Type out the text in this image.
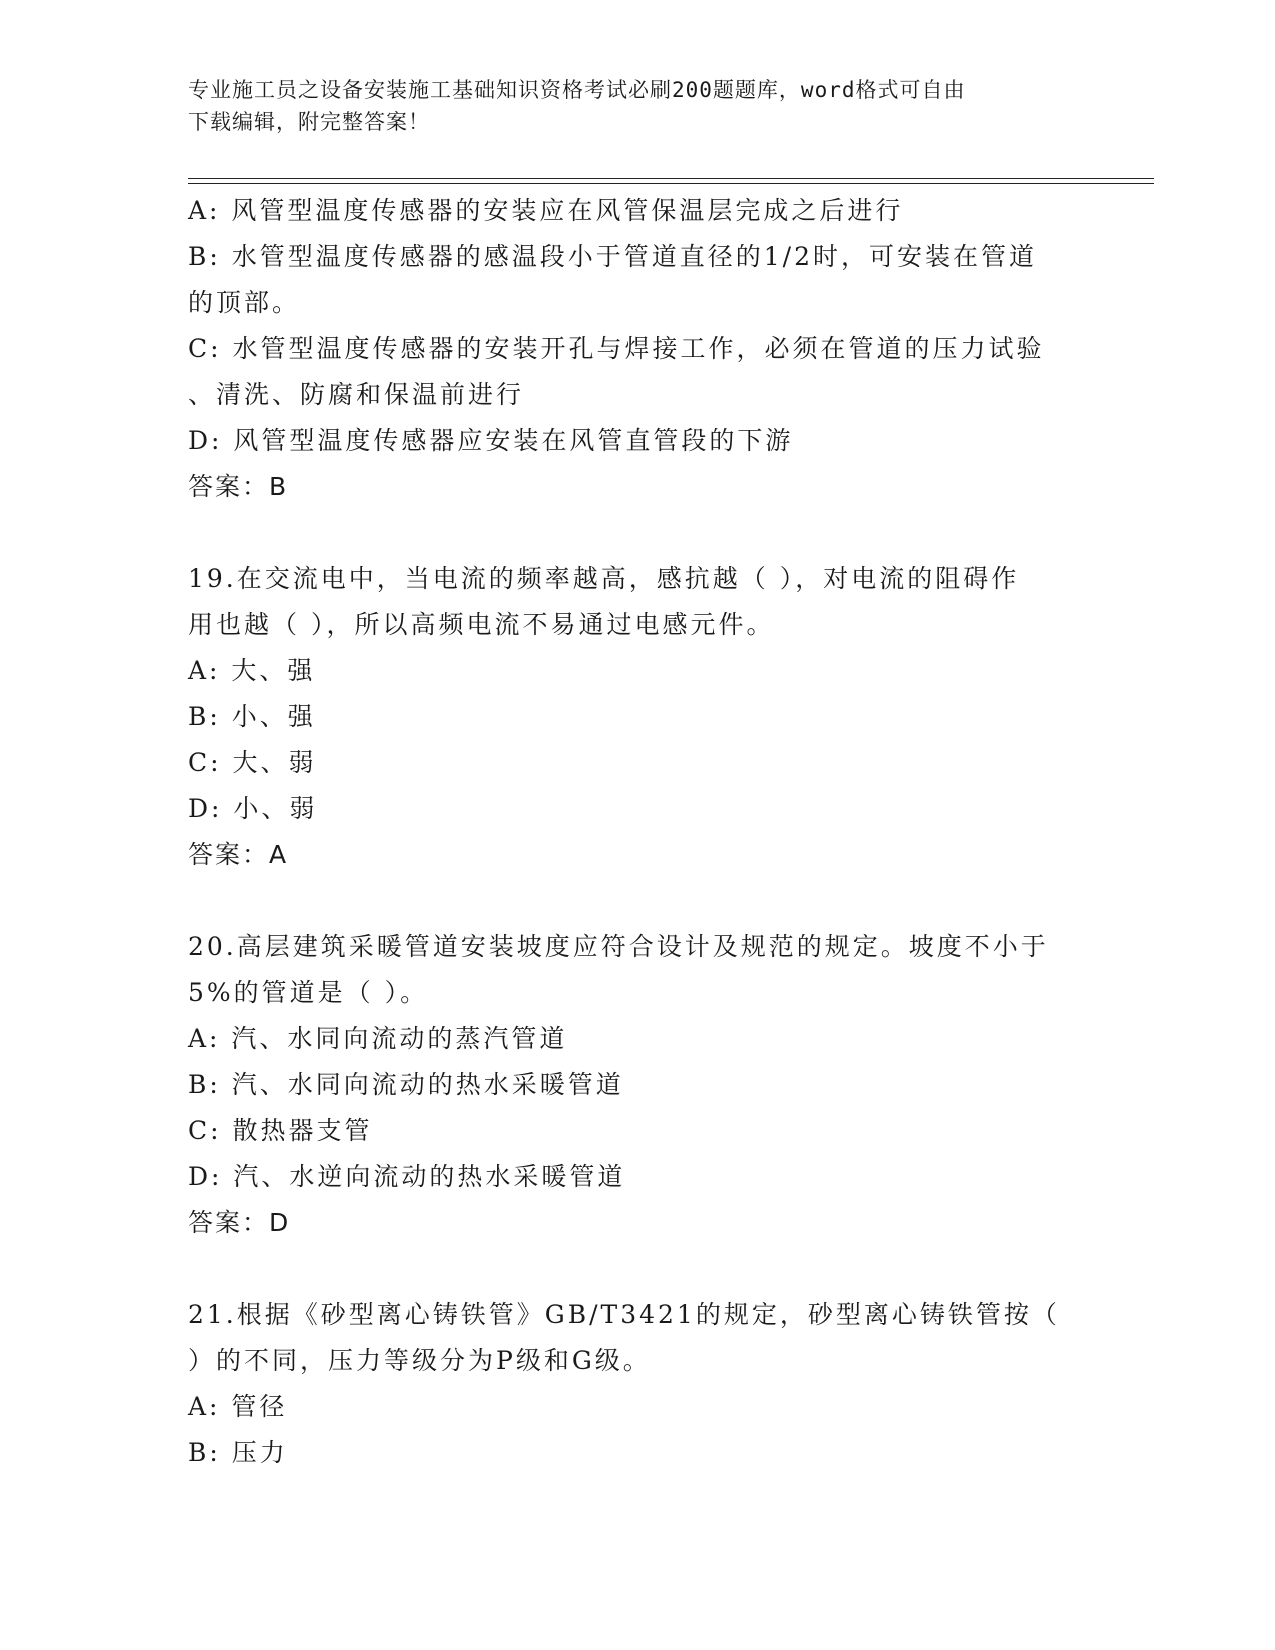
专业施工员之设备安装施工基础知识资格考试必刷200题题库，word格式可自由
下载编辑，附完整答案！
A: 风管型温度传感器的安装应在风管保温层完成之后进行
B: 水管型温度传感器的感温段小于管道直径的1/2时，可安装在管道
的顶部。
C: 水管型温度传感器的安装开孔与焊接工作，必须在管道的压力试验
、清洗、防腐和保温前进行
D: 风管型温度传感器应安装在风管直管段的下游
答案：B
19.在交流电中，当电流的频率越高，感抗越（ ），对电流的阻碍作
用也越（ ），所以高频电流不易通过电感元件。
A: 大、强
B: 小、强
C: 大、弱
D: 小、弱
答案：A
20.高层建筑采暖管道安装坡度应符合设计及规范的规定。坡度不小于
5%的管道是（ ）。
A: 汽、水同向流动的蒸汽管道
B: 汽、水同向流动的热水采暖管道
C: 散热器支管
D: 汽、水逆向流动的热水采暖管道
答案：D
21.根据《砂型离心铸铁管》GB/T3421的规定，砂型离心铸铁管按（
）的不同，压力等级分为P级和G级。
A: 管径
B: 压力
